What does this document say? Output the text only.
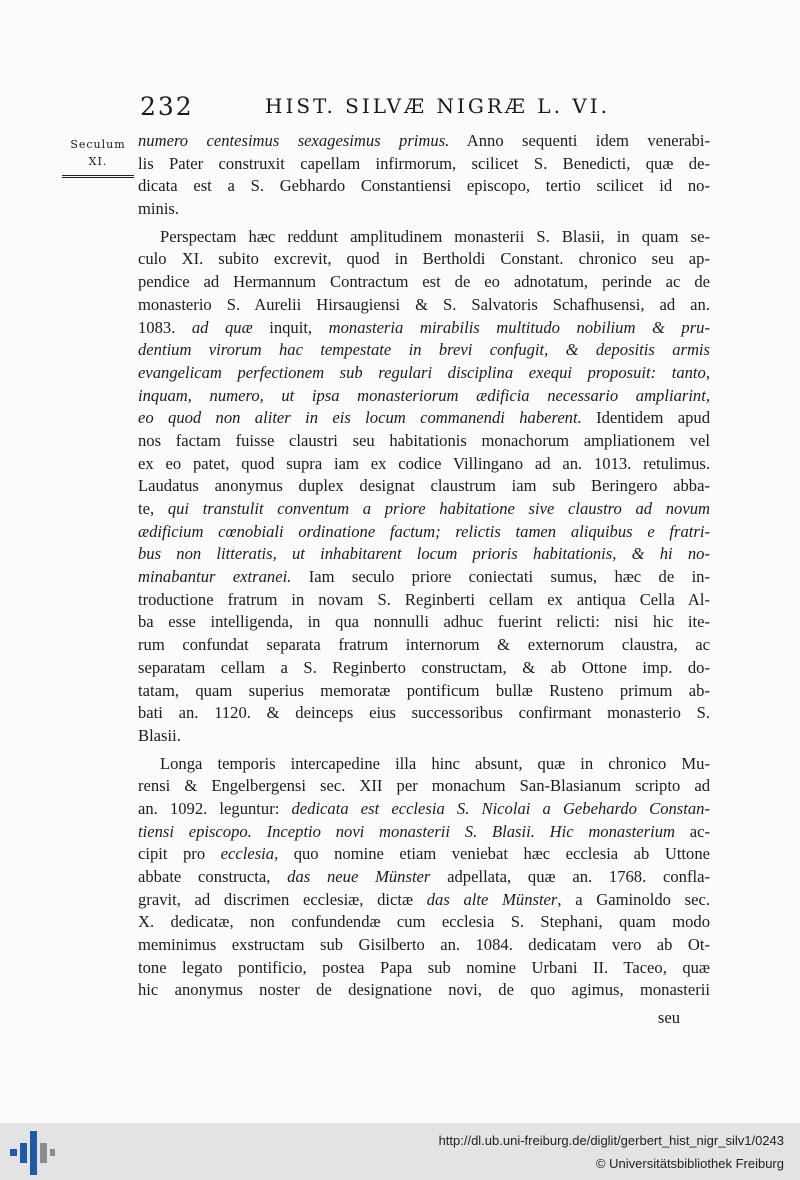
232	HIST. SILVÆ NIGRÆ L. VI.
Seculum
XI.
numero centesimus sexagesimus primus. Anno sequenti idem venerabi-
lis Pater construxit capellam infirmorum, scilicet S. Benedicti, quæ de-
dicata est a S. Gebhardo Constantiensi episcopo, tertio scilicet id no-
minis.
Perspectam hæc reddunt amplitudinem monasterii S. Blasii, in quam se-
culo XI. subito excrevit, quod in Bertholdi Constant. chronico seu ap-
pendice ad Hermannum Contractum est de eo adnotatum, perinde ac de
monasterio S. Aurelii Hirsaugiensi & S. Salvatoris Schafhusensi, ad an.
1083. ad quæ inquit, monasteria mirabilis multitudo nobilium & pru-
dentium virorum hac tempestate in brevi confugit, & depositis armis
evangelicam perfectionem sub regulari disciplina exequi proposuit: tanto,
inquam, numero, ut ipsa monasteriorum ædificia necessario ampliarint,
eo quod non aliter in eis locum commanendi haberent. Identidem apud
nos factam fuisse claustri seu habitationis monachorum ampliationem vel
ex eo patet, quod supra iam ex codice Villingano ad an. 1013. retulimus.
Laudatus anonymus duplex designat claustrum iam sub Beringero abba-
te, qui transtulit conventum a priore habitatione sive claustro ad novum
ædificium cœnobiali ordinatione factum; relictis tamen aliquibus e fratri-
bus non litteratis, ut inhabitarent locum prioris habitationis, & hi no-
minabantur extranei. Iam seculo priore coniectati sumus, hæc de in-
troductione fratrum in novam S. Reginberti cellam ex antiqua Cella Al-
ba esse intelligenda, in qua nonnulli adhuc fuerint relicti: nisi hic ite-
rum confundat separata fratrum internorum & externorum claustra, ac
separatam cellam a S. Reginberto constructam, & ab Ottone imp. do-
tatam, quam superius memoratæ pontificum bullæ Rusteno primum ab-
bati an. 1120. & deinceps eius successoribus confirmant monasterio S.
Blasii.
Longa temporis intercapedine illa hinc absunt, quæ in chronico Mu-
rensi & Engelbergensi sec. XII per monachum San-Blasianum scripto ad
an. 1092. leguntur: dedicata est ecclesia S. Nicolai a Gebehardo Constan-
tiensi episcopo. Inceptio novi monasterii S. Blasii. Hic monasterium ac-
cipit pro ecclesia, quo nomine etiam veniebat hæc ecclesia ab Uttone
abbate constructa, das neue Münster adpellata, quæ an. 1768. confla-
gravit, ad discrimen ecclesiæ, dictæ das alte Münster, a Gaminoldo sec.
X. dedicatæ, non confundendæ cum ecclesia S. Stephani, quam modo
meminimus exstructam sub Gisilberto an. 1084. dedicatam vero ab Ot-
tone legato pontificio, postea Papa sub nomine Urbani II. Taceo, quæ
hic anonymus noster de designatione novi, de quo agimus, monasterii
seu
http://dl.ub.uni-freiburg.de/diglit/gerbert_hist_nigr_silv1/0243
© Universitätsbibliothek Freiburg
